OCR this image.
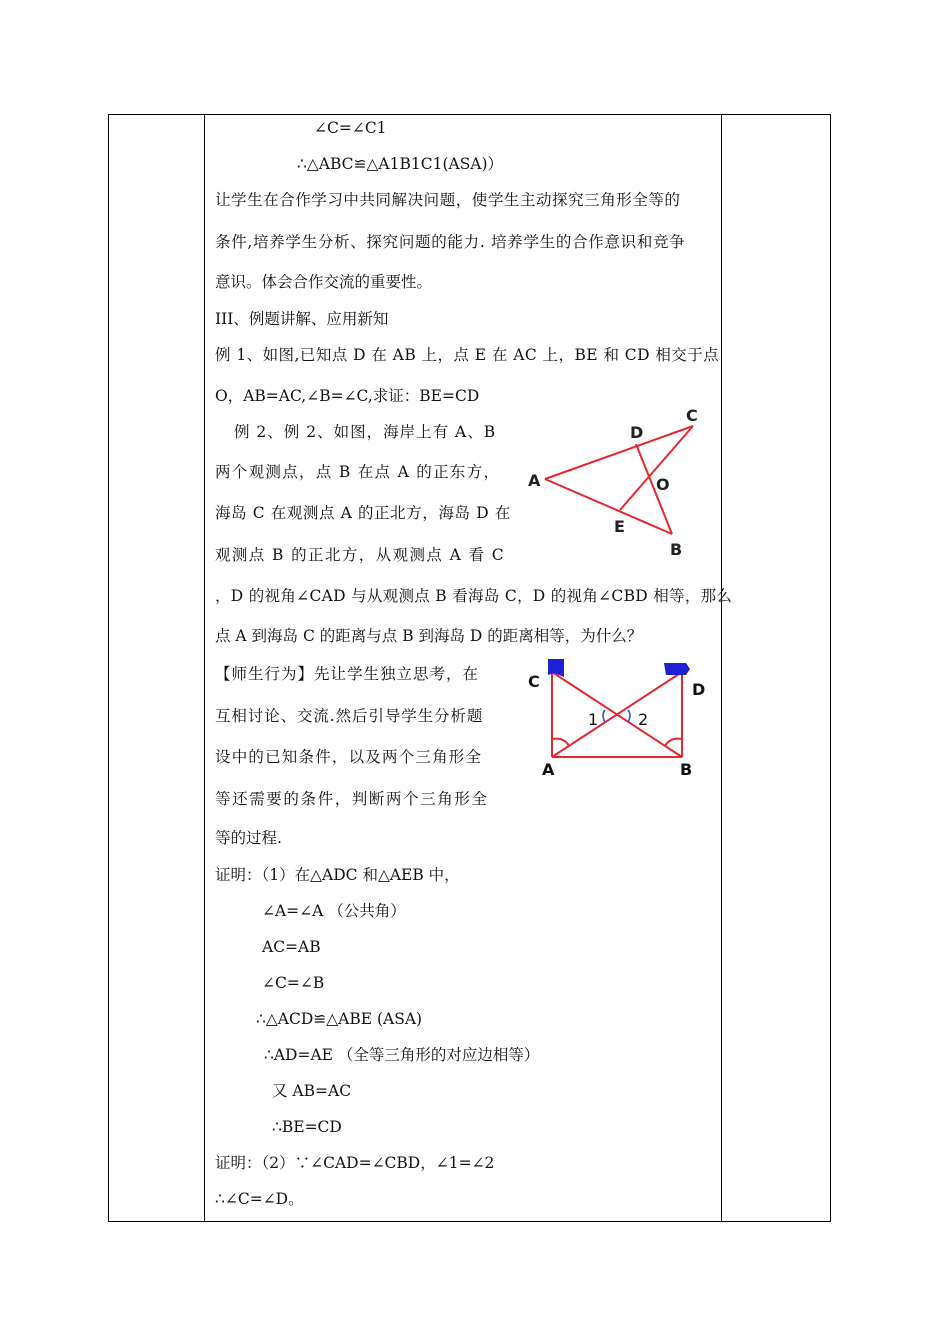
∠C=∠C1
∴△ABC≌△A1B1C1(ASA)）
让学生在合作学习中共同解决问题，使学生主动探究三角形全等的
条件,培养学生分析、探究问题的能力. 培养学生的合作意识和竞争
意识。体会合作交流的重要性。
III、例题讲解、应用新知
例 1、如图,已知点 D 在 AB 上，点 E 在 AC 上，BE 和 CD 相交于点
O，AB=AC,∠B=∠C,求证：BE=CD
例 2、例 2、如图，海岸上有 A、B
两个观测点，点 B 在点 A 的正东方，
海岛 C 在观测点 A 的正北方，海岛 D 在
观测点 B 的正北方，从观测点 A 看 C
，D 的视角∠CAD 与从观测点 B 看海岛 C，D 的视角∠CBD 相等，那么
点 A 到海岛 C 的距离与点 B 到海岛 D 的距离相等，为什么？
【师生行为】先让学生独立思考，在
互相讨论、交流.然后引导学生分析题
设中的已知条件，以及两个三角形全
等还需要的条件，判断两个三角形全
等的过程.
证明：（1）在△ADC 和△AEB 中，
∠A=∠A （公共角）
AC=AB
∠C=∠B
∴△ACD≌△ABE (ASA)
∴AD=AE （全等三角形的对应边相等）
又 AB=AC
∴BE=CD
证明：（2）∵∠CAD=∠CBD，∠1=∠2
∴∠C=∠D。
A
C
D
O
E
B
C	D
A	B
1 2
